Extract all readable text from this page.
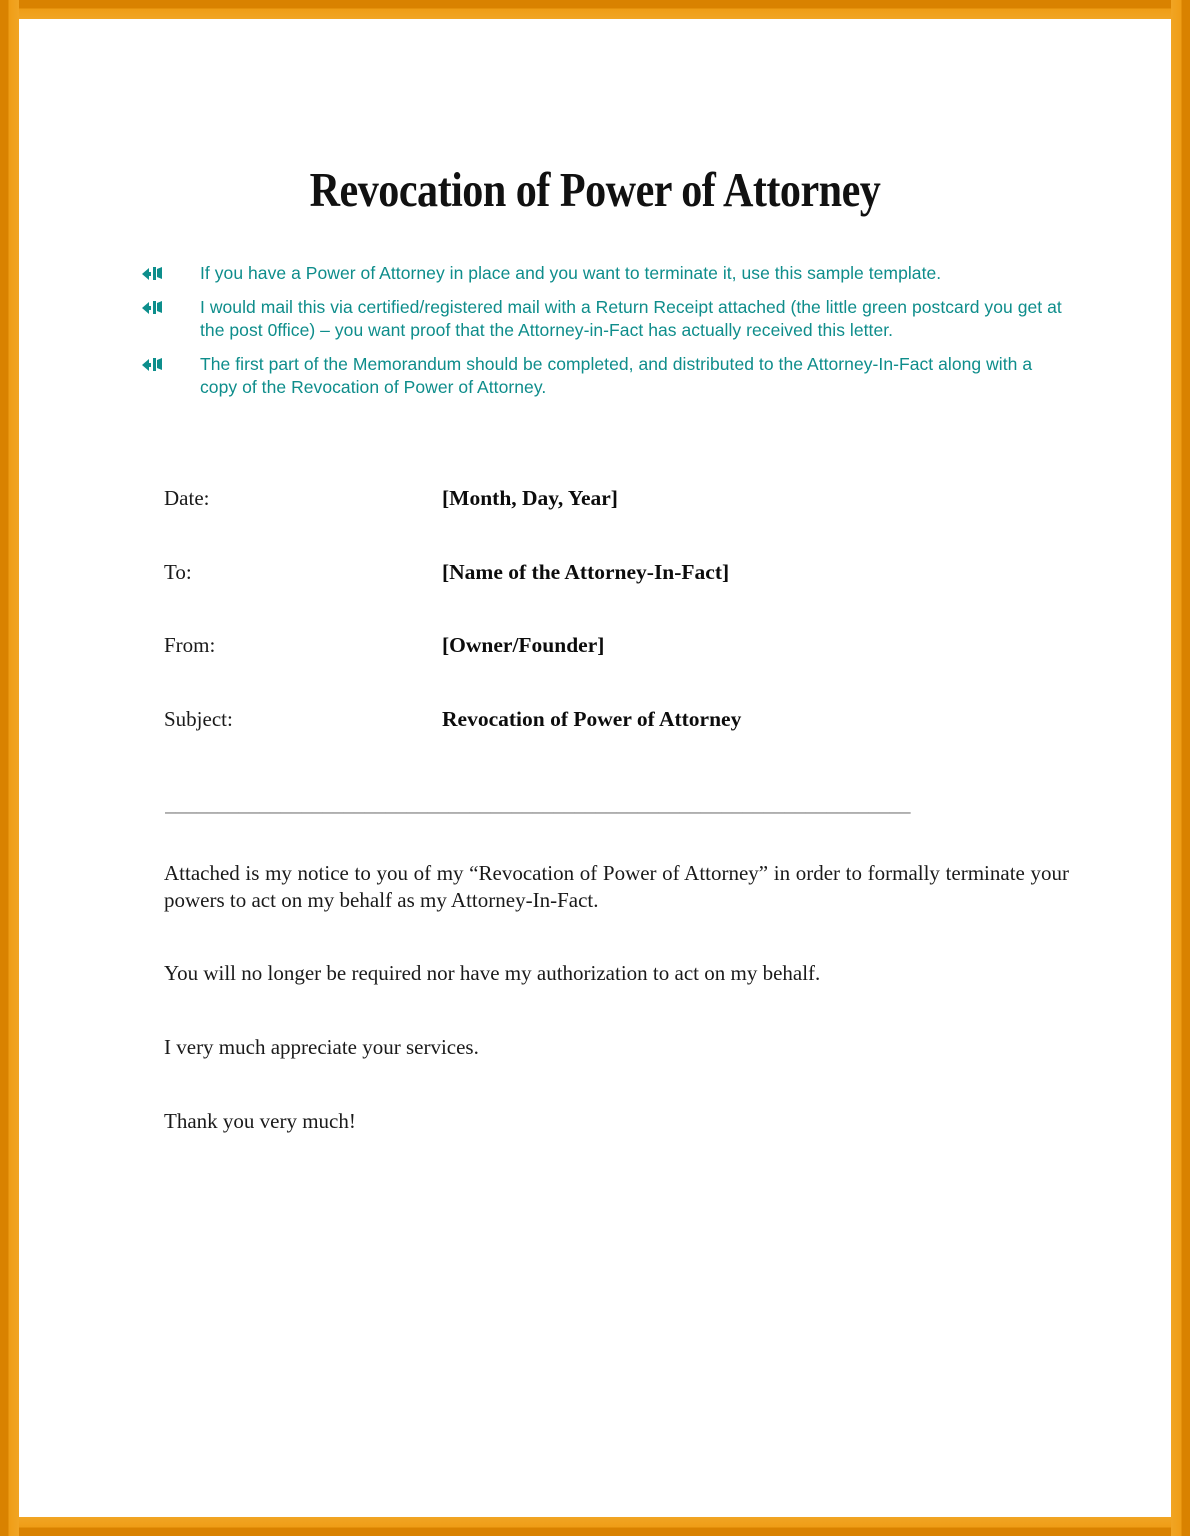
Revocation of Power of Attorney
If you have a Power of Attorney in place and you want to terminate it, use this sample template.
I would mail this via certified/registered mail with a Return Receipt attached (the little green postcard you get at the post 0ffice) – you want proof that the Attorney-in-Fact has actually received this letter.
The first part of the Memorandum should be completed, and distributed to the Attorney-In-Fact along with a copy of the Revocation of Power of Attorney.
Date:	[Month, Day, Year]
To:	[Name of the Attorney-In-Fact]
From:	[Owner/Founder]
Subject:	Revocation of Power of Attorney
_______________________________________________________________________

Attached is my notice to you of my “Revocation of Power of Attorney” in order to formally terminate your powers to act on my behalf as my Attorney-In-Fact.

You will no longer be required nor have my authorization to act on my behalf.

I very much appreciate your services.

Thank you very much!
